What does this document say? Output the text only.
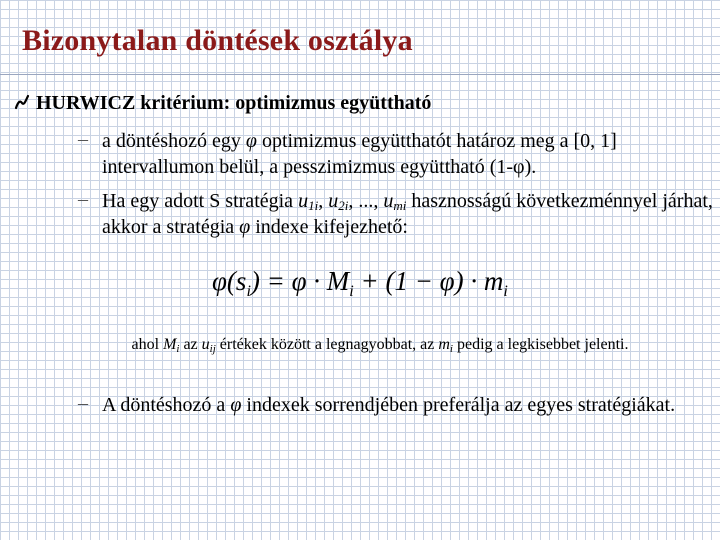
Bizonytalan döntések osztálya
HURWICZ kritérium: optimizmus együttható
– a döntéshozó egy φ optimizmus együtthatót határoz meg a [0, 1] intervallumon belül, a pesszimizmus együttható (1-φ).
– Ha egy adott S stratégia $u_{1i}$, $u_{2i}$, ..., $u_{mi}$ hasznosságú következménnyel járhat, akkor a stratégia φ indexe kifejezhető:
$\varphi(s_i) = \varphi \cdot M_i + (1 - \varphi) \cdot m_i$
ahol $M_i$ az $u_{ij}$ értékek között a legnagyobbat, az $m_i$ pedig a legkisebbet jelenti.
– A döntéshozó a φ indexek sorrendjében preferálja az egyes stratégiákat.
